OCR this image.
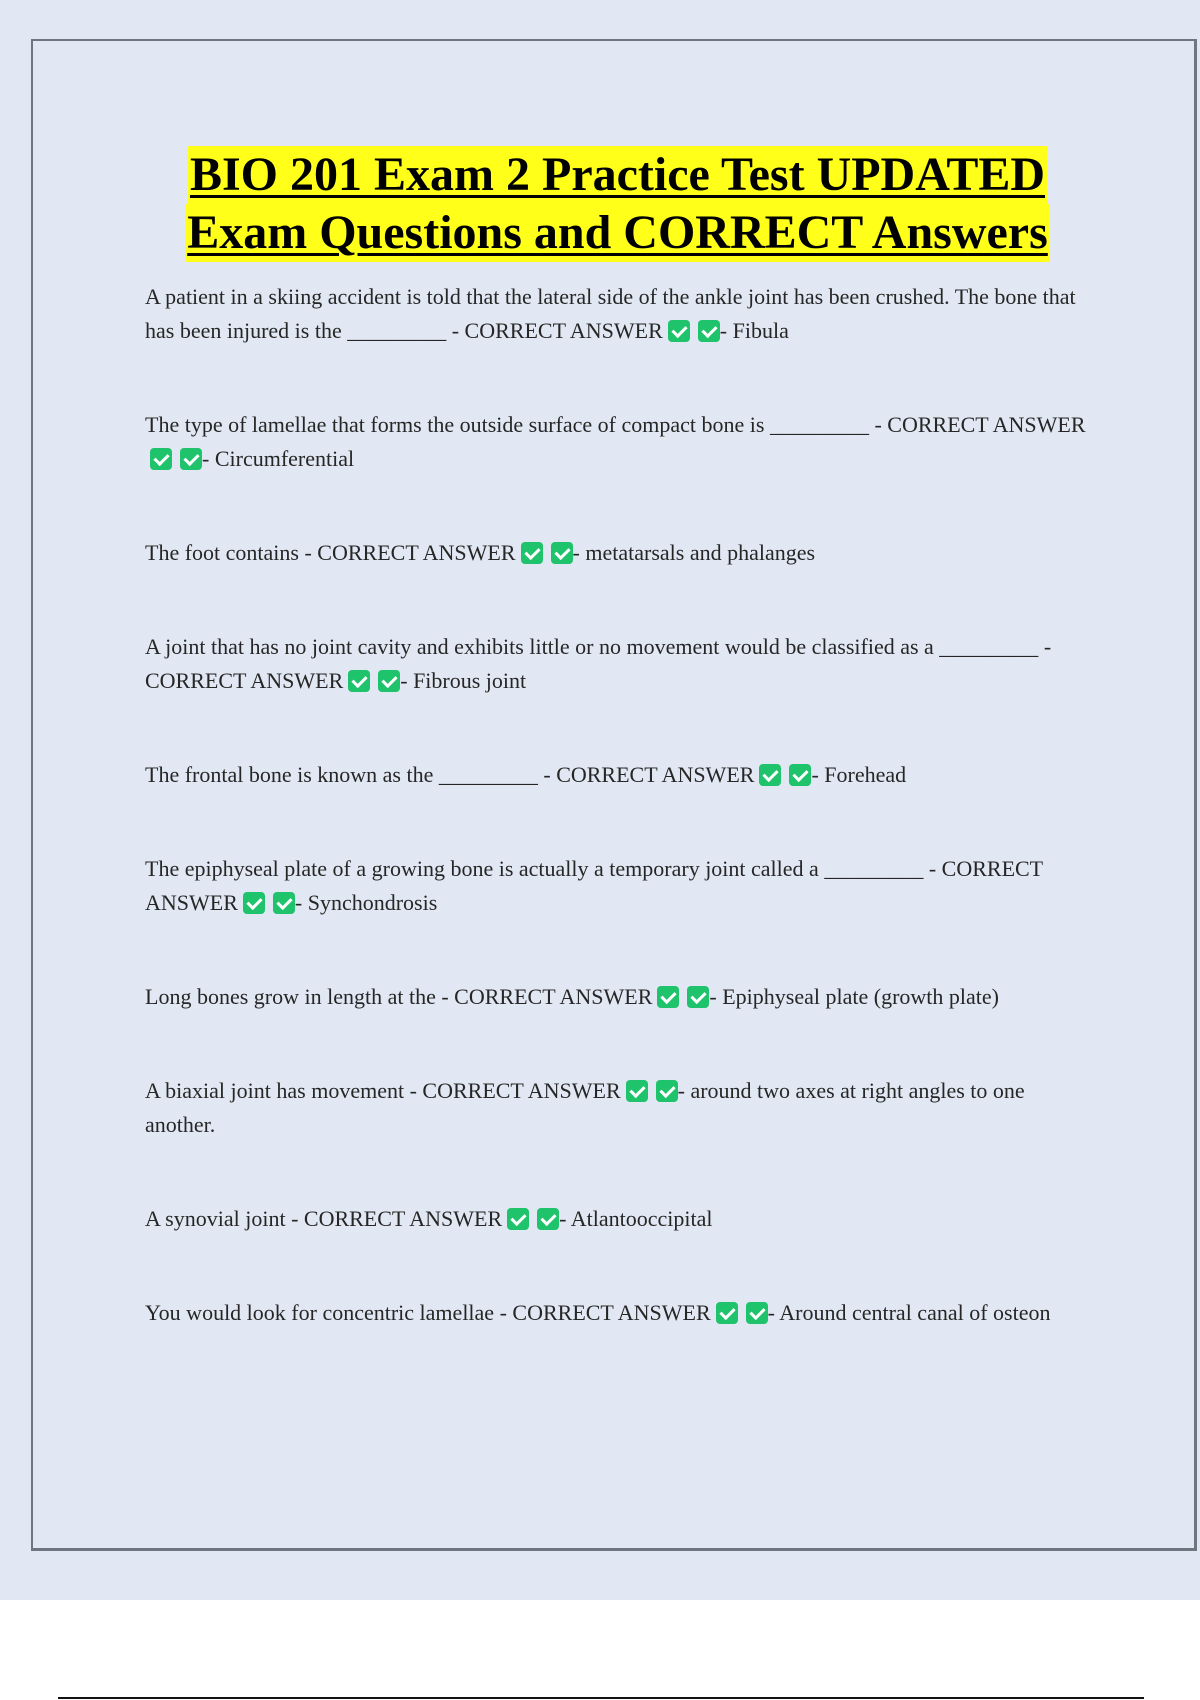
BIO 201 Exam 2 Practice Test UPDATED
Exam Questions and CORRECT Answers
A patient in a skiing accident is told that the lateral side of the ankle joint has been crushed. The bone that has been injured is the _________ - CORRECT ANSWER	- Fibula
The type of lamellae that forms the outside surface of compact bone is _________ - CORRECT ANSWER- Circumferential
The foot contains - CORRECT ANSWER	- metatarsals and phalanges
A joint that has no joint cavity and exhibits little or no movement would be classified as a _________ - CORRECT ANSWER	- Fibrous joint
The frontal bone is known as the _________ - CORRECT ANSWER	- Forehead
The epiphyseal plate of a growing bone is actually a temporary joint called a _________ - CORRECT ANSWER	- Synchondrosis
Long bones grow in length at the - CORRECT ANSWER	- Epiphyseal plate (growth plate)
A biaxial joint has movement - CORRECT ANSWER	- around two axes at right angles to one another.
A synovial joint - CORRECT ANSWER	- Atlantooccipital
You would look for concentric lamellae - CORRECT ANSWER	- Around central canal of osteon
